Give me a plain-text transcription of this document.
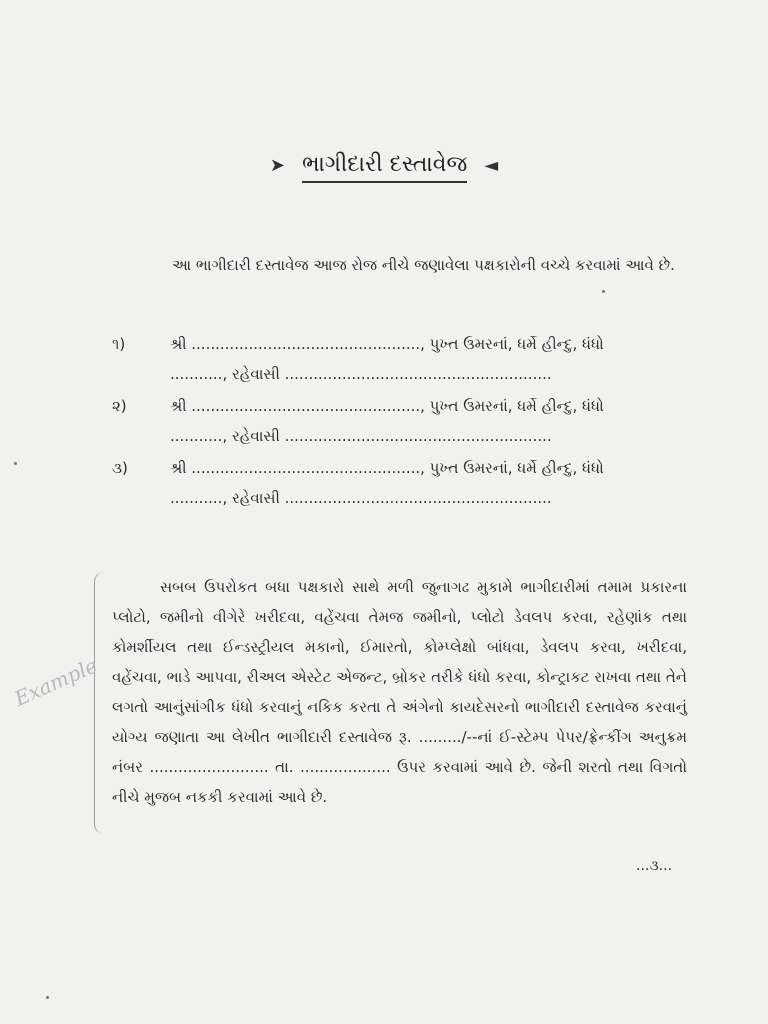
➤ ભાગીદારી દસ્તાવેજ ◄
આ ભાગીદારી દસ્તાવેજ આજ રોજ નીચે જણાવેલા પક્ષકારોની વચ્ચે કરવામાં આવે છે.
૧)	શ્રી ................................................, પુખ્ત ઉમરનાં, ધર્મે હીન્દુ, ધંધો
..........., રહેવાસી ........................................................
૨)	શ્રી ................................................, પુખ્ત ઉમરનાં, ધર્મે હીન્દુ, ધંધો
..........., રહેવાસી ........................................................
૩)	શ્રી ................................................, પુખ્ત ઉમરનાં, ધર્મે હીન્દુ, ધંધો
..........., રહેવાસી ........................................................
Example
સબબ ઉપરોકત બધા પક્ષકારો સાથે મળી જુનાગઢ મુકામે ભાગીદારીમાં તમામ પ્રકારના પ્લોટો, જમીનો વીગેરે ખરીદવા, વહેંચવા તેમજ જમીનો, પ્લોટો ડેવલપ કરવા, રહેણાંક તથા કોમર્શીયલ તથા ઈન્ડસ્ટ્રીયલ મકાનો, ઈમારતો, કોમ્પ્લેક્ષો બાંધવા, ડેવલપ કરવા, ખરીદવા, વહેંચવા, ભાડે આપવા, રીઅલ એસ્ટેટ એજન્ટ, બ્રોકર તરીકે ધંધો કરવા, કોન્ટ્રાકટ રાખવા તથા તેને લગતો આનુંસાંગીક ધંધો કરવાનું નકિક કરતા તે અંગેનો કાયદેસરનો ભાગીદારી દસ્તાવેજ કરવાનું યોગ્ય જણાતા આ લેખીત ભાગીદારી દસ્તાવેજ રૂ. ........./--નાં ઈ-સ્ટેમ્પ પેપર/ફ્રેન્કીંગ અનુક્રમ નંબર ......................... તા. ................... ઉપર કરવામાં આવે છે. જેની શરતો તથા વિગતો નીચે મુજબ નકકી કરવામાં આવે છે.
...૩...
